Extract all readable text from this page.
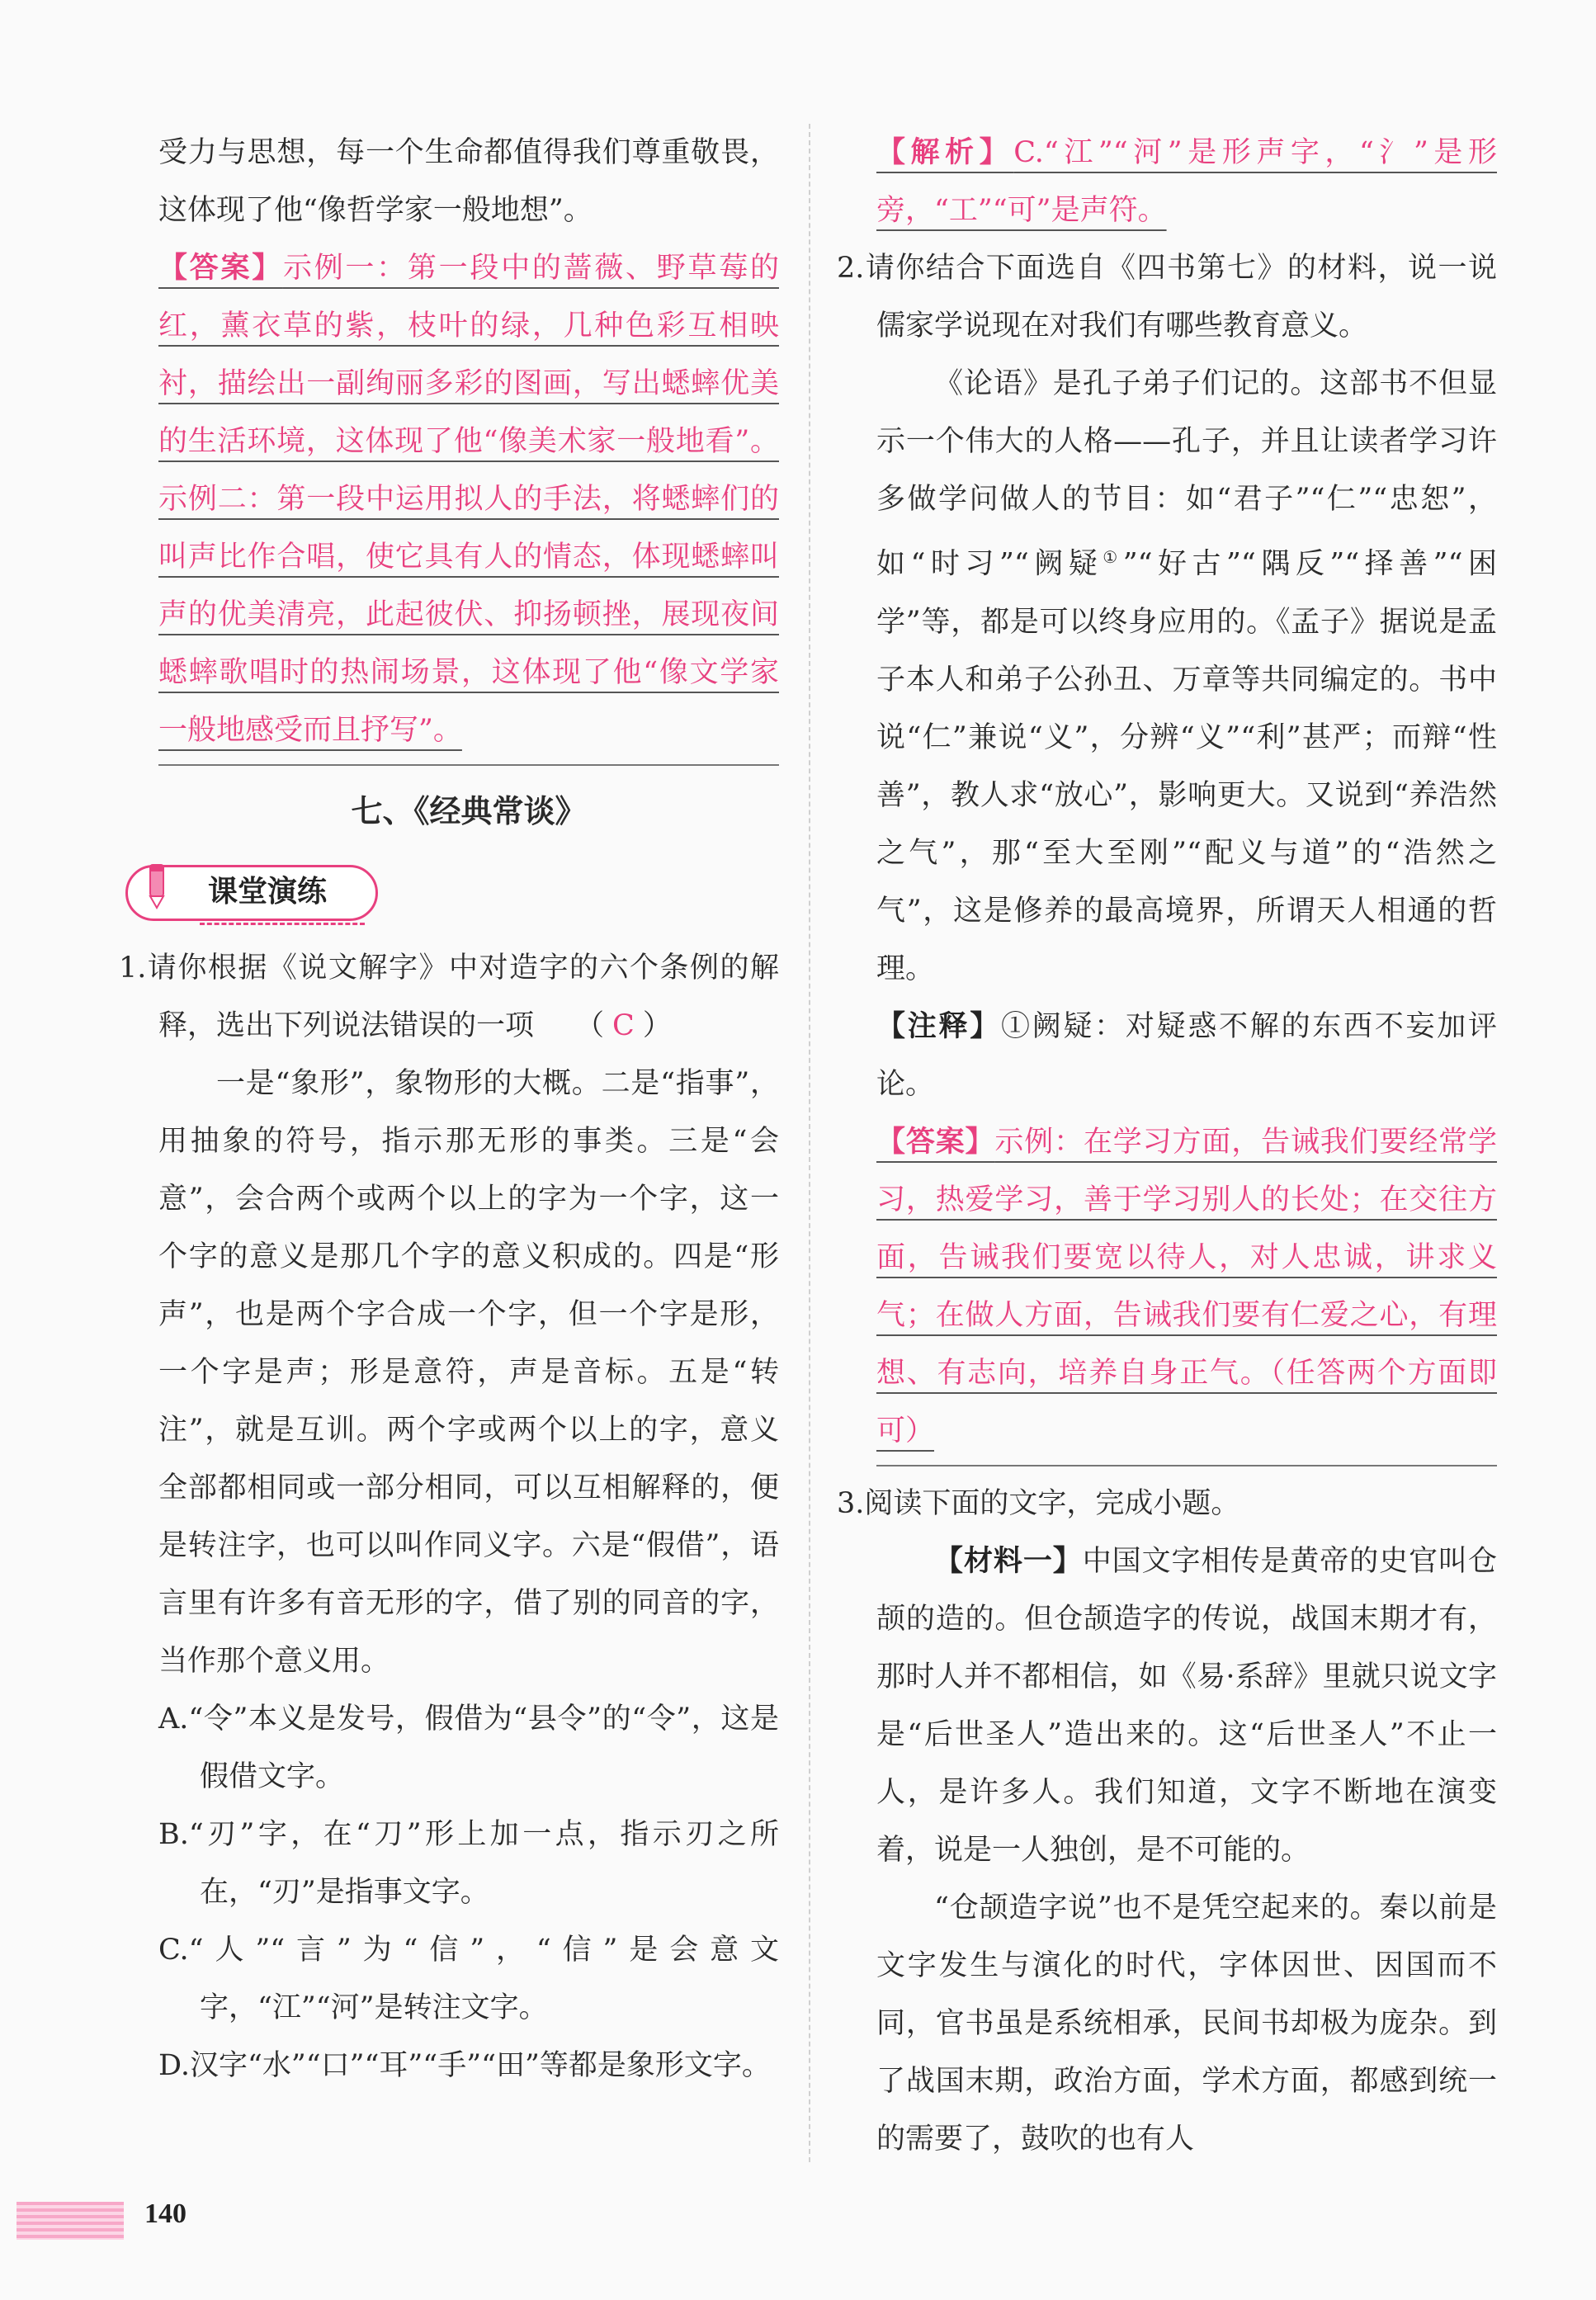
受力与思想，每一个生命都值得我们尊重敬畏，这体现了他“像哲学家一般地想”。

【答案】示例一：第一段中的蔷薇、野草莓的红，薰衣草的紫，枝叶的绿，几种色彩互相映衬，描绘出一副绚丽多彩的图画，写出蟋蟀优美的生活环境，这体现了他“像美术家一般地看”。示例二：第一段中运用拟人的手法，将蟋蟀们的叫声比作合唱，使它具有人的情态，体现蟋蟀叫声的优美清亮，此起彼伏、抑扬顿挫，展现夜间蟋蟀歌唱时的热闹场景，这体现了他“像文学家一般地感受而且抒写”。

七、《经典常谈》
课堂演练

1.请你根据《说文解字》中对造字的六个条例的解释，选出下列说法错误的一项 （ C ）

一是“象形”，象物形的大概。二是“指事”，用抽象的符号，指示那无形的事类。三是“会意”，会合两个或两个以上的字为一个字，这一个字的意义是那几个字的意义积成的。四是“形声”，也是两个字合成一个字，但一个字是形，一个字是声；形是意符，声是音标。五是“转注”，就是互训。两个字或两个以上的字，意义全部都相同或一部分相同，可以互相解释的，便是转注字，也可以叫作同义字。六是“假借”，语言里有许多有音无形的字，借了别的同音的字，当作那个意义用。

A.“令”本义是发号，假借为“县令”的“令”，这是假借文字。

B.“刃”字，在“刀”形上加一点，指示刃之所在，“刃”是指事文字。

C.“人”“言”为“信”，“信”是会意文字，“江”“河”是转注文字。

D.汉字“水”“口”“耳”“手”“田”等都是象形文字。

【解析】C.“江”“河”是形声字，“氵”是形旁，“工”“可”是声符。

2.请你结合下面选自《四书第七》的材料，说一说儒家学说现在对我们有哪些教育意义。

《论语》是孔子弟子们记的。这部书不但显示一个伟大的人格——孔子，并且让读者学习许多做学问做人的节目：如“君子”“仁”“忠恕”，如“时习”“阙疑①”“好古”“隅反”“择善”“困学”等，都是可以终身应用的。《孟子》据说是孟子本人和弟子公孙丑、万章等共同编定的。书中说“仁”兼说“义”，分辨“义”“利”甚严；而辩“性善”，教人求“放心”，影响更大。又说到“养浩然之气”，那“至大至刚”“配义与道”的“浩然之气”，这是修养的最高境界，所谓天人相通的哲理。

【注释】①阙疑：对疑惑不解的东西不妄加评论。

【答案】示例：在学习方面，告诫我们要经常学习，热爱学习，善于学习别人的长处；在交往方面，告诫我们要宽以待人，对人忠诚，讲求义气；在做人方面，告诫我们要有仁爱之心，有理想、有志向，培养自身正气。（任答两个方面即可）

3.阅读下面的文字，完成小题。

【材料一】中国文字相传是黄帝的史官叫仓颉的造的。但仓颉造字的传说，战国末期才有，那时人并不都相信，如《易·系辞》里就只说文字是“后世圣人”造出来的。这“后世圣人”不止一人，是许多人。我们知道，文字不断地在演变着，说是一人独创，是不可能的。

“仓颉造字说”也不是凭空起来的。秦以前是文字发生与演化的时代，字体因世、因国而不同，官书虽是系统相承，民间书却极为庞杂。到了战国末期，政治方面，学术方面，都感到统一的需要了，鼓吹的也有人

140
